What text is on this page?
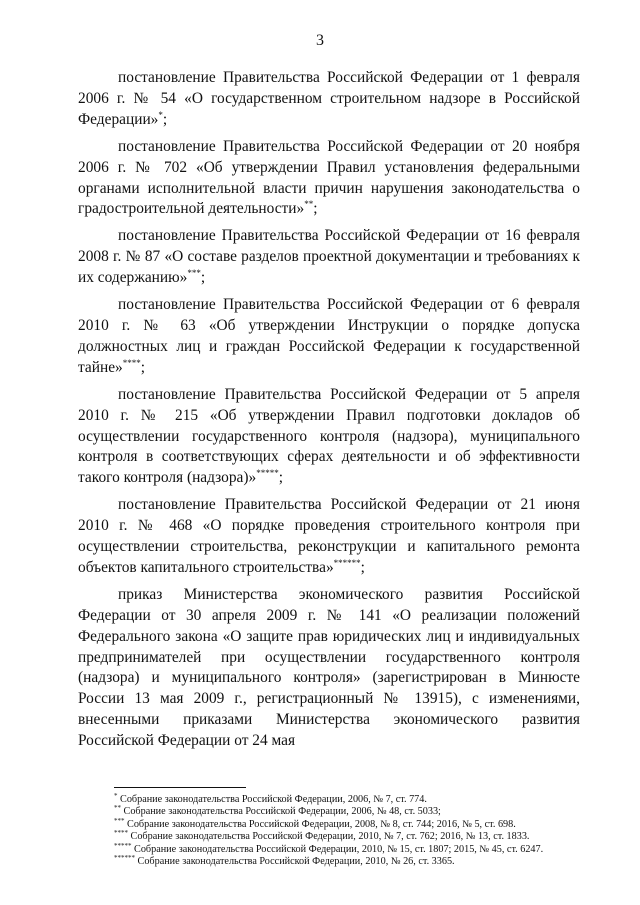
3

постановление Правительства Российской Федерации от 1 февраля 2006 г. № 54 «О государственном строительном надзоре в Российской Федерации»*;

постановление Правительства Российской Федерации от 20 ноября 2006 г. № 702 «Об утверждении Правил установления федеральными органами исполнительной власти причин нарушения законодательства о градостроительной деятельности»**;

постановление Правительства Российской Федерации от 16 февраля 2008 г. № 87 «О составе разделов проектной документации и требованиях к их содержанию»***;

постановление Правительства Российской Федерации от 6 февраля 2010 г. № 63 «Об утверждении Инструкции о порядке допуска должностных лиц и граждан Российской Федерации к государственной тайне»****;

постановление Правительства Российской Федерации от 5 апреля 2010 г. № 215 «Об утверждении Правил подготовки докладов об осуществлении государственного контроля (надзора), муниципального контроля в соответствующих сферах деятельности и об эффективности такого контроля (надзора)»*****;

постановление Правительства Российской Федерации от 21 июня 2010 г. № 468 «О порядке проведения строительного контроля при осуществлении строительства, реконструкции и капитального ремонта объектов капитального строительства»******;

приказ Министерства экономического развития Российской Федерации от 30 апреля 2009 г. № 141 «О реализации положений Федерального закона «О защите прав юридических лиц и индивидуальных предпринимателей при осуществлении государственного контроля (надзора) и муниципального контроля» (зарегистрирован в Минюсте России 13 мая 2009 г., регистрационный № 13915), с изменениями, внесенными приказами Министерства экономического развития Российской Федерации от 24 мая

* Собрание законодательства Российской Федерации, 2006, № 7, ст. 774.
** Собрание законодательства Российской Федерации, 2006, № 48, ст. 5033;
*** Собрание законодательства Российской Федерации, 2008, № 8, ст. 744; 2016, № 5, ст. 698.
**** Собрание законодательства Российской Федерации, 2010, № 7, ст. 762; 2016, № 13, ст. 1833.
***** Собрание законодательства Российской Федерации, 2010, № 15, ст. 1807; 2015, № 45, ст. 6247.
****** Собрание законодательства Российской Федерации, 2010, № 26, ст. 3365.
